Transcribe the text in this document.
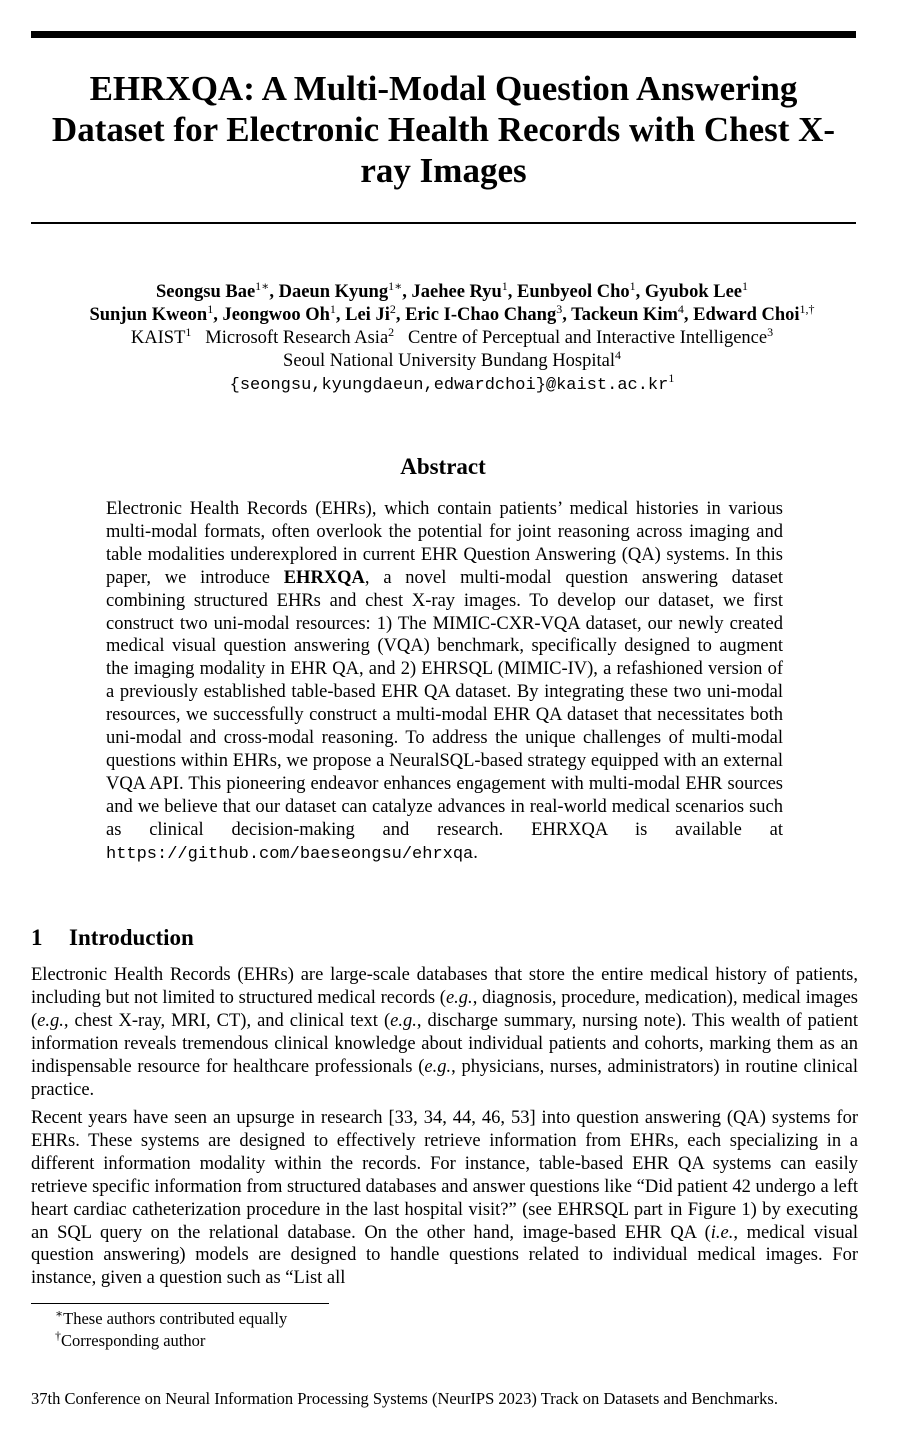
EHRXQA: A Multi-Modal Question Answering Dataset for Electronic Health Records with Chest X-ray Images
Seongsu Bae$^{1∗}$, Daeun Kyung$^{1∗}$, Jaehee Ryu$^1$, Eunbyeol Cho$^1$, Gyubok Lee$^1$
Sunjun Kweon$^1$, Jeongwoo Oh$^1$, Lei Ji$^2$, Eric I-Chao Chang$^3$, Tackeun Kim$^4$, Edward Choi$^{1,\dagger}$
KAIST$^1$ Microsoft Research Asia$^2$ Centre of Perceptual and Interactive Intelligence$^3$
Seoul National University Bundang Hospital$^4$
$\{seongsu,kyungdaeun,edwardchoi\}@kaist.ac.kr^1$
Abstract
Electronic Health Records (EHRs), which contain patients’ medical histories in various multi-modal formats, often overlook the potential for joint reasoning across imaging and table modalities underexplored in current EHR Question Answering (QA) systems. In this paper, we introduce EHRXQA, a novel multi-modal question answering dataset combining structured EHRs and chest X-ray images. To develop our dataset, we first construct two uni-modal resources: 1) The MIMIC-CXR-VQA dataset, our newly created medical visual question answering (VQA) benchmark, specifically designed to augment the imaging modality in EHR QA, and 2) EHRSQL (MIMIC-IV), a refashioned version of a previously established table-based EHR QA dataset. By integrating these two uni-modal resources, we successfully construct a multi-modal EHR QA dataset that necessitates both uni-modal and cross-modal reasoning. To address the unique challenges of multi-modal questions within EHRs, we propose a NeuralSQL-based strategy equipped with an external VQA API. This pioneering endeavor enhances engagement with multi-modal EHR sources and we believe that our dataset can catalyze advances in real-world medical scenarios such as clinical decision-making and research. EHRXQA is available at https://github.com/baeseongsu/ehrxqa.
1 Introduction
Electronic Health Records (EHRs) are large-scale databases that store the entire medical history of patients, including but not limited to structured medical records (e.g., diagnosis, procedure, medication), medical images (e.g., chest X-ray, MRI, CT), and clinical text (e.g., discharge summary, nursing note). This wealth of patient information reveals tremendous clinical knowledge about individual patients and cohorts, marking them as an indispensable resource for healthcare professionals (e.g., physicians, nurses, administrators) in routine clinical practice.
Recent years have seen an upsurge in research [33, 34, 44, 46, 53] into question answering (QA) systems for EHRs. These systems are designed to effectively retrieve information from EHRs, each specializing in a different information modality within the records. For instance, table-based EHR QA systems can easily retrieve specific information from structured databases and answer questions like “Did patient 42 undergo a left heart cardiac catheterization procedure in the last hospital visit?” (see EHRSQL part in Figure 1) by executing an SQL query on the relational database. On the other hand, image-based EHR QA (i.e., medical visual question answering) models are designed to handle questions related to individual medical images. For instance, given a question such as “List all
∗These authors contributed equally
†Corresponding author
37th Conference on Neural Information Processing Systems (NeurIPS 2023) Track on Datasets and Benchmarks.
